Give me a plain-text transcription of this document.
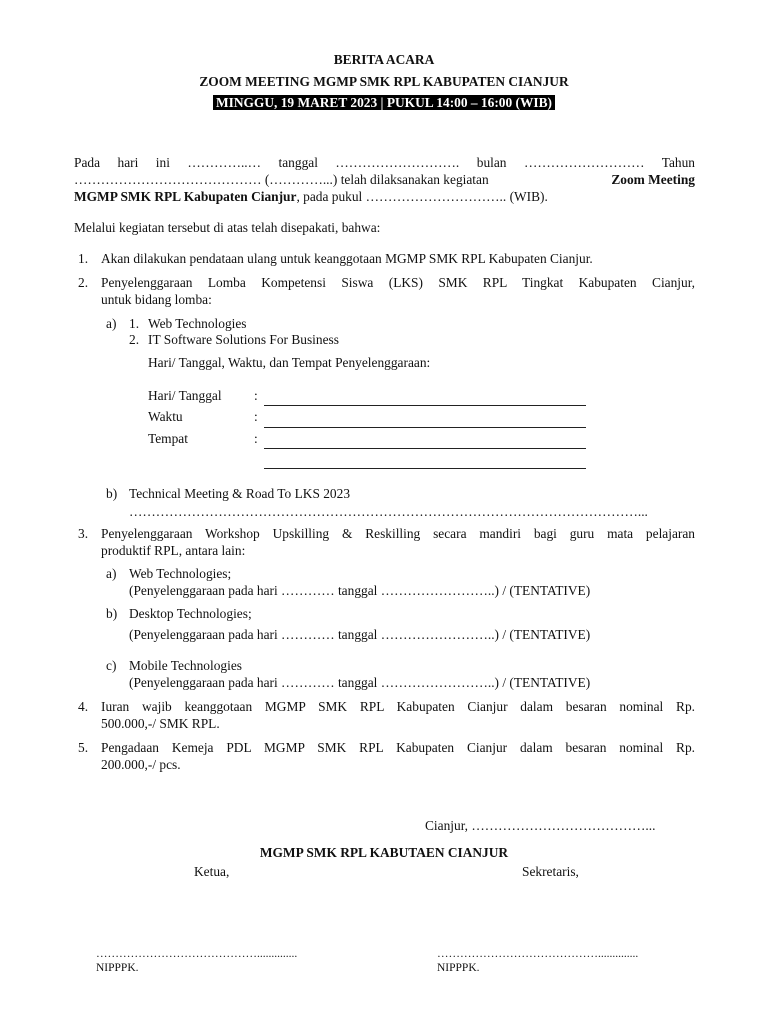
BERITA ACARA
ZOOM MEETING MGMP SMK RPL KABUPATEN CIANJUR
MINGGU, 19 MARET 2023 | PUKUL 14:00 – 16:00 (WIB)
Pada hari ini …………..… tanggal ………………………. bulan ……………………… Tahun
…………………………………… (…………...) telah dilaksanakan kegiatan	Zoom Meeting
MGMP SMK RPL Kabupaten Cianjur, pada pukul ………………………….. (WIB).
Melalui kegiatan tersebut di atas telah disepakati, bahwa:
1. Akan dilakukan pendataan ulang untuk keanggotaan MGMP SMK RPL Kabupaten Cianjur.
2. Penyelenggaraan Lomba Kompetensi Siswa (LKS) SMK RPL Tingkat Kabupaten Cianjur,
untuk bidang lomba:
a) 1. Web Technologies
2. IT Software Solutions For Business
Hari/ Tanggal, Waktu, dan Tempat Penyelenggaraan:
Hari/ Tanggal :
Waktu	:
Tempat	:
b) Technical Meeting & Road To LKS 2023
……………………………………………………………………………………………………...
3. Penyelenggaraan Workshop Upskilling & Reskilling secara mandiri bagi guru mata pelajaran
produktif RPL, antara lain:
a) Web Technologies;
(Penyelenggaraan pada hari ………… tanggal ……………………..) / (TENTATIVE)
b) Desktop Technologies;
(Penyelenggaraan pada hari ………… tanggal ……………………..) / (TENTATIVE)
c) Mobile Technologies
(Penyelenggaraan pada hari ………… tanggal ……………………..) / (TENTATIVE)
4. Iuran wajib keanggotaan MGMP SMK RPL Kabupaten Cianjur dalam besaran nominal Rp.
500.000,-/ SMK RPL.
5. Pengadaan Kemeja PDL MGMP SMK RPL Kabupaten Cianjur dalam besaran nominal Rp.
200.000,-/ pcs.
Cianjur, …………………………………...
MGMP SMK RPL KABUTAEN CIANJUR
Ketua,	Sekretaris,
……………………………………..............	……………………………………..............
NIPPPK.	NIPPPK.
